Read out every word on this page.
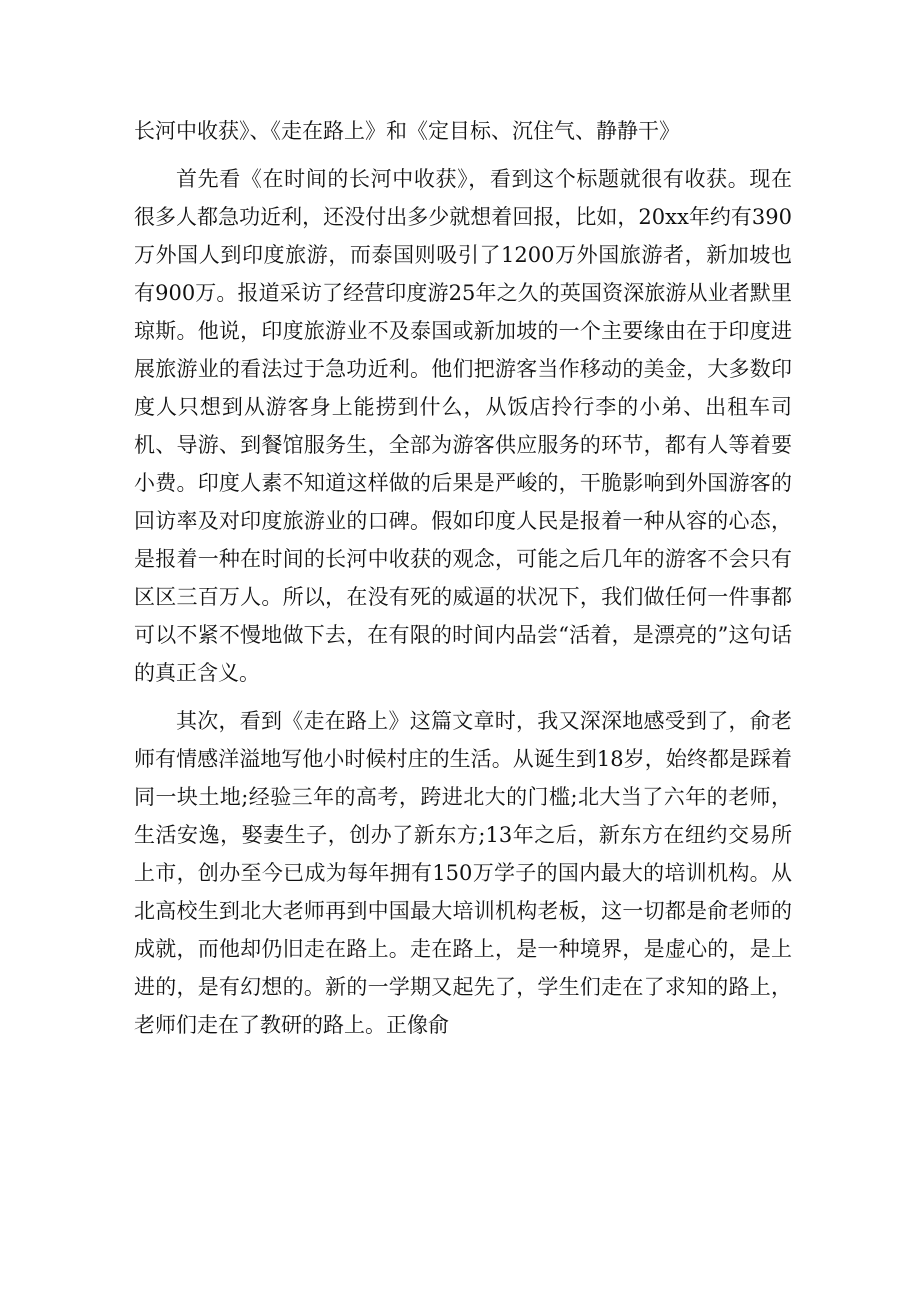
长河中收获》、《走在路上》和《定目标、沉住气、静静干》

首先看《在时间的长河中收获》，看到这个标题就很有收获。现在很多人都急功近利，还没付出多少就想着回报，比如，20xx年约有390万外国人到印度旅游，而泰国则吸引了1200万外国旅游者，新加坡也有900万。报道采访了经营印度游25年之久的英国资深旅游从业者默里琼斯。他说，印度旅游业不及泰国或新加坡的一个主要缘由在于印度进展旅游业的看法过于急功近利。他们把游客当作移动的美金，大多数印度人只想到从游客身上能捞到什么，从饭店拎行李的小弟、出租车司机、导游、到餐馆服务生，全部为游客供应服务的环节，都有人等着要小费。印度人素不知道这样做的后果是严峻的，干脆影响到外国游客的回访率及对印度旅游业的口碑。假如印度人民是报着一种从容的心态，是报着一种在时间的长河中收获的观念，可能之后几年的游客不会只有区区三百万人。所以，在没有死的威逼的状况下，我们做任何一件事都可以不紧不慢地做下去，在有限的时间内品尝“活着，是漂亮的”这句话的真正含义。

其次，看到《走在路上》这篇文章时，我又深深地感受到了，俞老师有情感洋溢地写他小时候村庄的生活。从诞生到18岁，始终都是踩着同一块土地;经验三年的高考，跨进北大的门槛;北大当了六年的老师，生活安逸，娶妻生子，创办了新东方;13年之后，新东方在纽约交易所上市，创办至今已成为每年拥有150万学子的国内最大的培训机构。从北高校生到北大老师再到中国最大培训机构老板，这一切都是俞老师的成就，而他却仍旧走在路上。走在路上，是一种境界，是虚心的，是上进的，是有幻想的。新的一学期又起先了，学生们走在了求知的路上，老师们走在了教研的路上。正像俞
